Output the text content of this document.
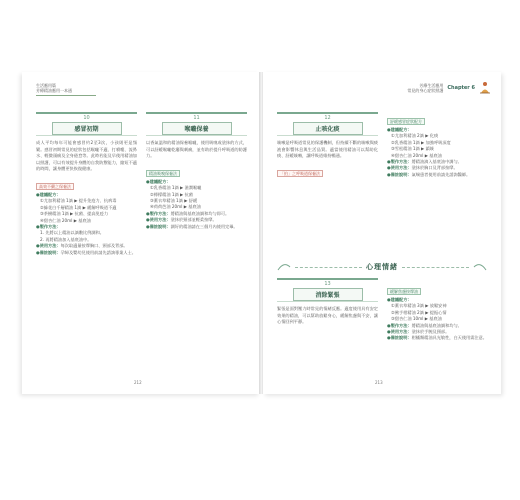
生活應用篇
芳療精油應用一本通
10
感冒初期
成人平均每年可能會感冒約2至3次，小孩則更是頻繁。感冒初期常見的症狀包括喉嚨不適、打噴嚏、流鼻水、輕微頭痛及全身倦怠等。此時若能及早使用精油加以照護，可以有效提升身體的自我防禦能力，縮短不適的時間，讓身體更快恢復健康。
高效不藥之保養法
●建議配方：
①尤加利精油 1滴 ▶ 提升免疫力、抗病毒
②綠花白千層精油 1滴 ▶ 緩解呼吸道不適
③茶樹精油 1滴 ▶ 抗菌、提高免疫力
④甜杏仁油 20ml ▶ 基底油
●製作方法：
1. 先將以上精油以滴數比例調和。
2. 再將精油加入基底油中。
●使用方法：每次取適量按摩胸口、頸部及背部。
●備註說明：孕婦及嬰幼兒使用前請先諮詢專業人士。
11
喉嚨保養
以香氣溫和的精油保養喉嚨，使用吸嗅或塗抹的方式，可以舒緩喉嚨乾癢與刺痛，並有助於提升呼吸道的防護力。
精油吸嗅保養法
●建議配方：
①乳香精油 1滴 ▶ 滋潤喉嚨
②檸檬精油 1滴 ▶ 抗菌
③薰衣草精油 1滴 ▶ 舒緩
④荷荷芭油 20ml ▶ 基底油
●製作方法：將精油與基底油調和均勻即可。
●使用方法：塗抹於頸部並輕柔按摩。
●備註說明：調好的精油請在三個月內使用完畢。
212
芳療生活應用
常見的身心症狀照護 Chapter 6
12
止咳化痰
咳嗽是呼吸道常見的保護機制，但持續不斷的咳嗽與痰液會影響休息與生活品質。適當使用精油可以幫助化痰、舒緩咳嗽，讓呼吸道維持暢通。
「拍」之呼吸道保養法
舒緩感冒症狀配方
●建議配方：
①尤加利精油 2滴 ▶ 化痰
②乳香精油 1滴 ▶ 加強呼吸深度
③雪松精油 1滴 ▶ 鎮咳
④甜杏仁油 20ml ▶ 基底油
●製作方法：將精油滴入基底油中調勻。
●使用方法：塗抹於胸口及背部按摩。
●備註說明：氣喘患者使用前請先諮詢醫師。
心理情緒
13
消除緊張
緊張是面對壓力時常見的情緒反應。適度使用具有安定效果的精油，可以幫助放鬆身心，緩解焦慮與不安，讓心情回到平靜。
緩解焦慮按摩油
●建議配方：
①薰衣草精油 3滴 ▶ 放鬆安神
②佛手柑精油 2滴 ▶ 提振心情
③甜杏仁油 10ml ▶ 基底油
●製作方法：將精油與基底油調和均勻。
●使用方法：塗抹於手腕及頸部。
●備註說明：柑橘類精油具光敏性，白天使用需注意。
213
